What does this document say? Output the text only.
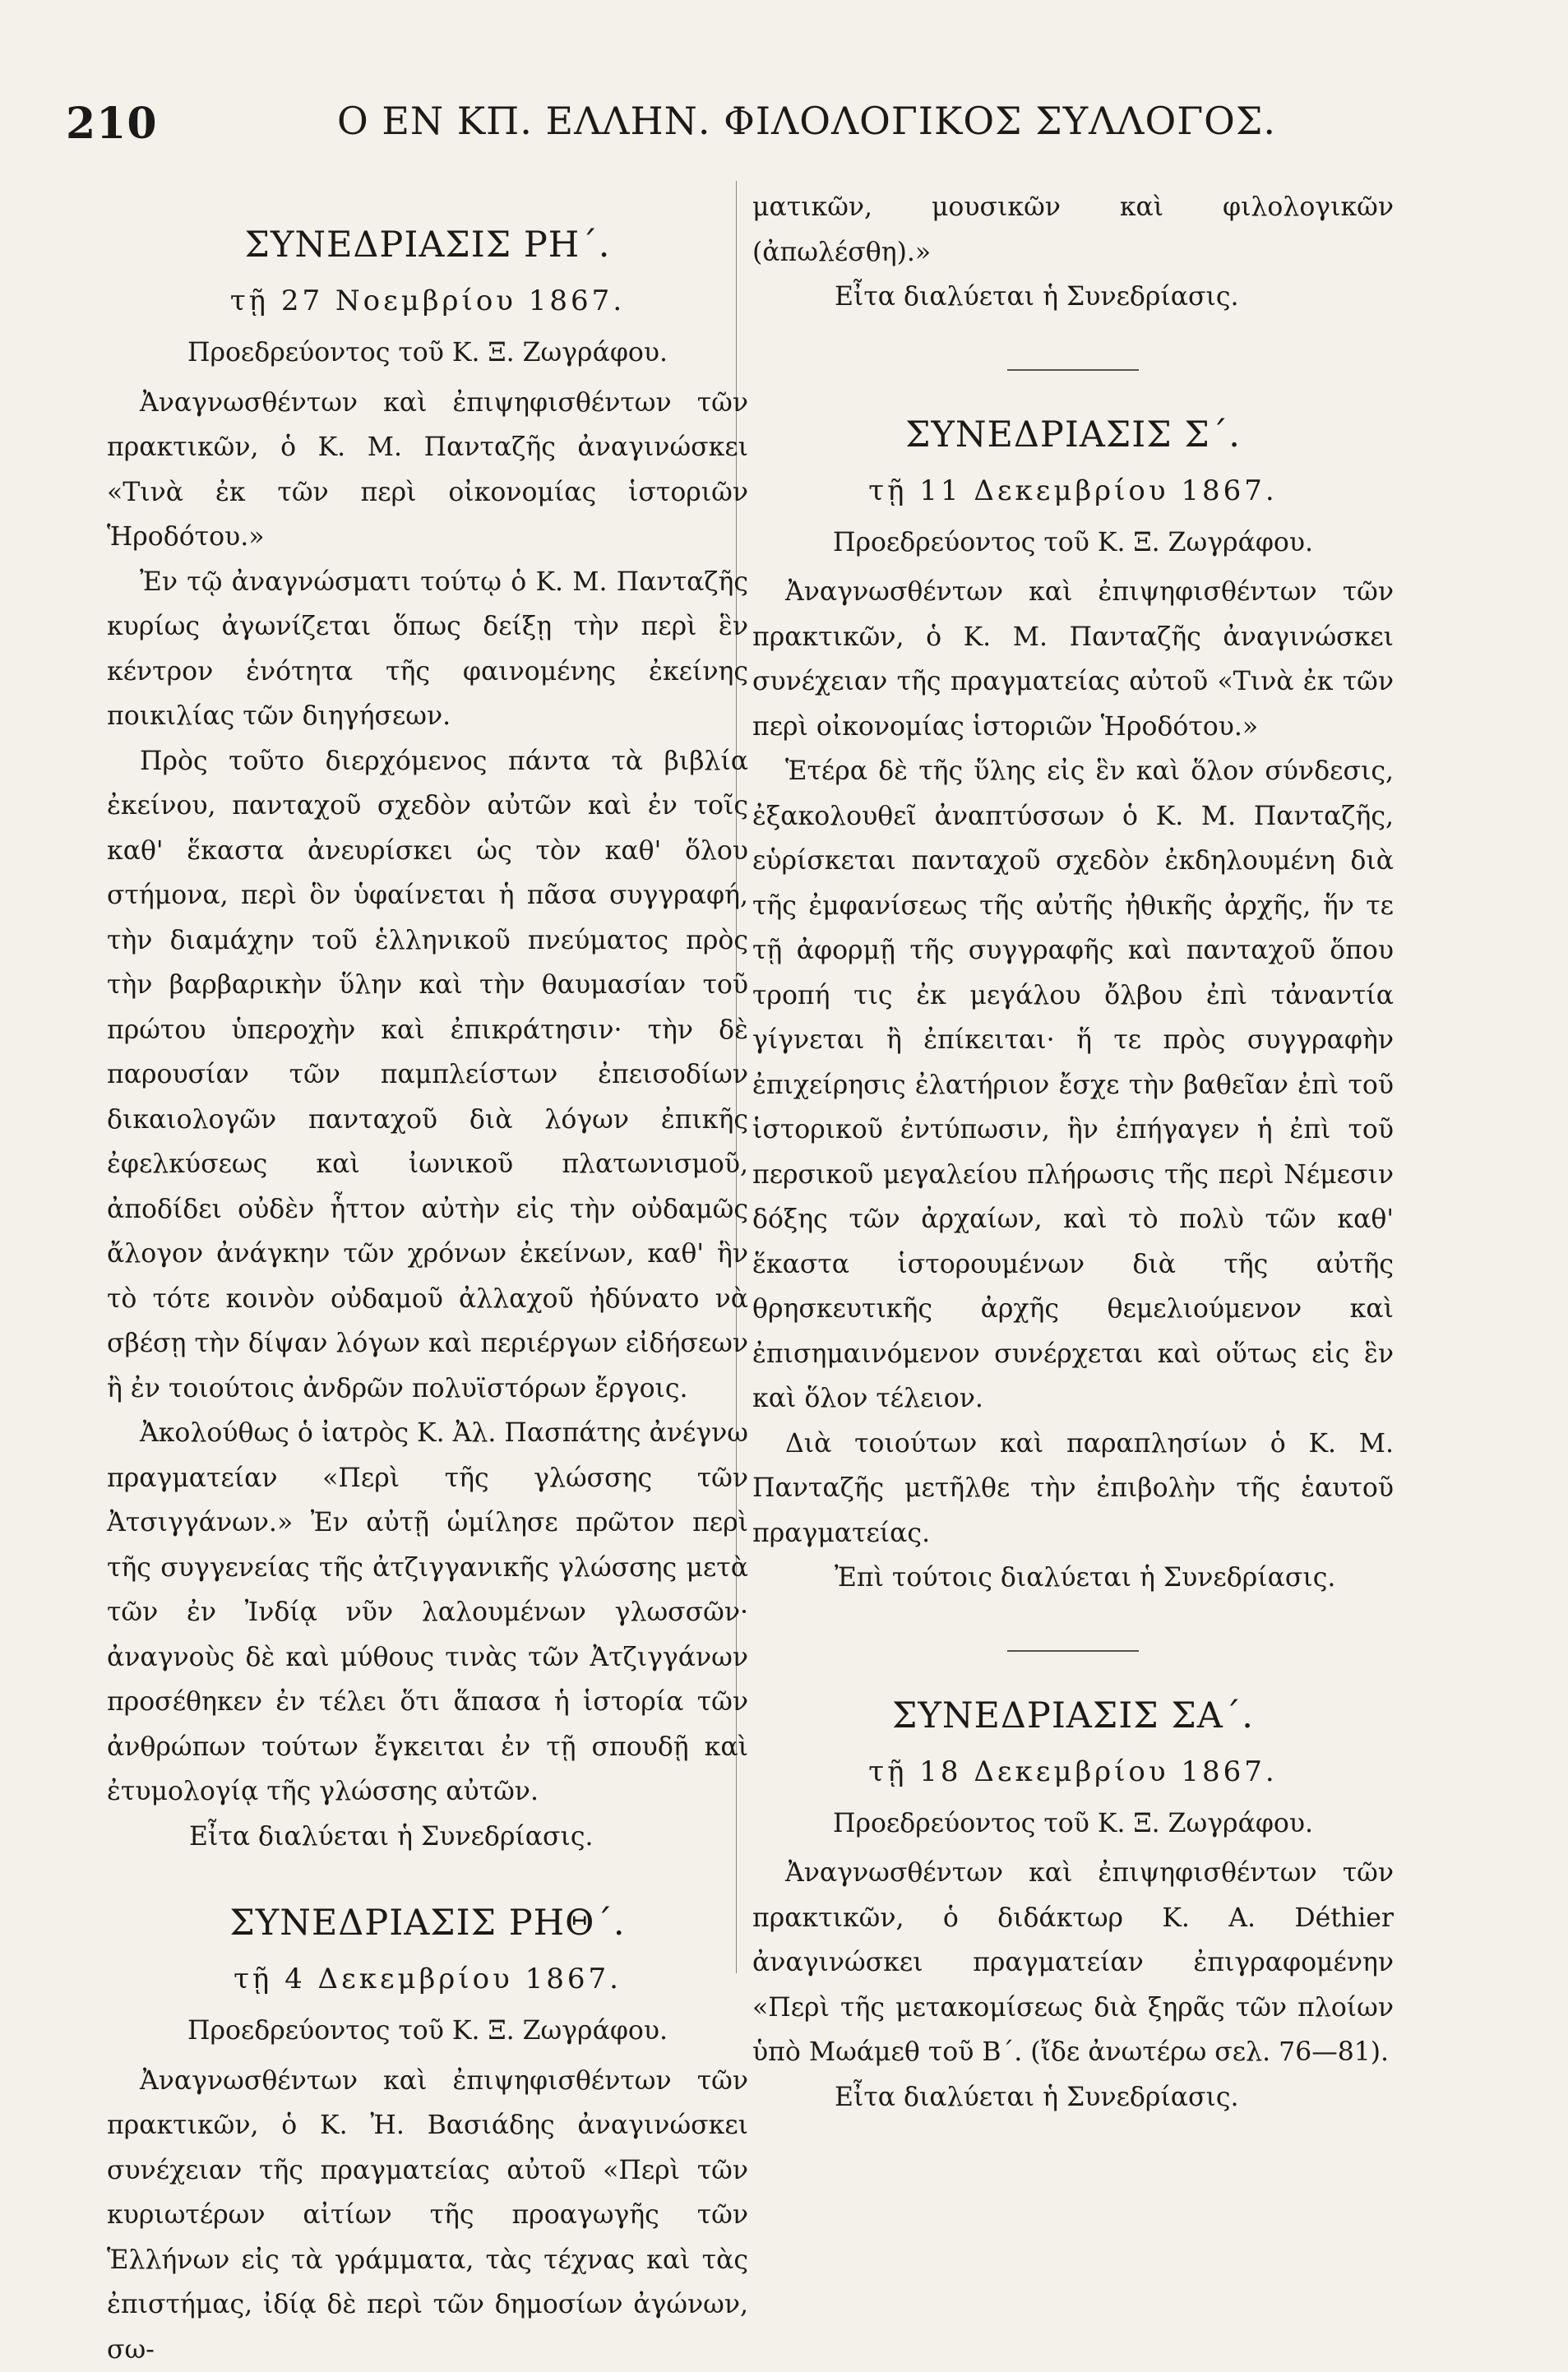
210	Ο ΕΝ ΚΠ. ΕΛΛΗΝ. ΦΙΛΟΛΟΓΙΚΟΣ ΣΥΛΛΟΓΟΣ.
ΣΥΝΕΔΡΙΑΣΙΣ ΡΗ΄.
τῇ 27 Νοεμβρίου 1867.
Προεδρεύοντος τοῦ Κ. Ξ. Ζωγράφου.

Ἀναγνωσθέντων καὶ ἐπιψηφισθέντων τῶν πρακτικῶν, ὁ Κ. Μ. Πανταζῆς ἀναγινώσκει «Τινὰ ἐκ τῶν περὶ οἰκονομίας ἱστοριῶν Ἡροδότου.»

Ἐν τῷ ἀναγνώσματι τούτῳ ὁ Κ. Μ. Πανταζῆς κυρίως ἀγωνίζεται ὅπως δείξῃ τὴν περὶ ἓν κέντρον ἑνότητα τῆς φαινομένης ἐκείνης ποικιλίας τῶν διηγήσεων.

Πρὸς τοῦτο διερχόμενος πάντα τὰ βιβλία ἐκείνου, πανταχοῦ σχεδὸν αὐτῶν καὶ ἐν τοῖς καθ' ἕκαστα ἀνευρίσκει ὡς τὸν καθ' ὅλου στήμονα, περὶ ὃν ὑφαίνεται ἡ πᾶσα συγγραφή, τὴν διαμάχην τοῦ ἑλληνικοῦ πνεύματος πρὸς τὴν βαρβαρικὴν ὕλην καὶ τὴν θαυμασίαν τοῦ πρώτου ὑπεροχὴν καὶ ἐπικράτησιν· τὴν δὲ παρουσίαν τῶν παμπλείστων ἐπεισοδίων δικαιολογῶν πανταχοῦ διὰ λόγων ἐπικῆς ἐφελκύσεως καὶ ἰωνικοῦ πλατωνισμοῦ, ἀποδίδει οὐδὲν ἧττον αὐτὴν εἰς τὴν οὐδαμῶς ἄλογον ἀνάγκην τῶν χρόνων ἐκείνων, καθ' ἣν τὸ τότε κοινὸν οὐδαμοῦ ἀλλαχοῦ ἠδύνατο νὰ σβέσῃ τὴν δίψαν λόγων καὶ περιέργων εἰδήσεων ἢ ἐν τοιούτοις ἀνδρῶν πολυϊστόρων ἔργοις.

Ἀκολούθως ὁ ἰατρὸς Κ. Ἀλ. Πασπάτης ἀνέγνω πραγματείαν «Περὶ τῆς γλώσσης τῶν Ἀτσιγγάνων.» Ἐν αὐτῇ ὡμίλησε πρῶτον περὶ τῆς συγγενείας τῆς ἀτζιγγανικῆς γλώσσης μετὰ τῶν ἐν Ἰνδίᾳ νῦν λαλουμένων γλωσσῶν· ἀναγνοὺς δὲ καὶ μύθους τινὰς τῶν Ἀτζιγγάνων προσέθηκεν ἐν τέλει ὅτι ἅπασα ἡ ἱστορία τῶν ἀνθρώπων τούτων ἔγκειται ἐν τῇ σπουδῇ καὶ ἐτυμολογίᾳ τῆς γλώσσης αὐτῶν.

Εἶτα διαλύεται ἡ Συνεδρίασις.

ΣΥΝΕΔΡΙΑΣΙΣ ΡΗΘ΄.
τῇ 4 Δεκεμβρίου 1867.
Προεδρεύοντος τοῦ Κ. Ξ. Ζωγράφου.

Ἀναγνωσθέντων καὶ ἐπιψηφισθέντων τῶν πρακτικῶν, ὁ Κ. Ἠ. Βασιάδης ἀναγινώσκει συνέχειαν τῆς πραγματείας αὐτοῦ «Περὶ τῶν κυριωτέρων αἰτίων τῆς προαγωγῆς τῶν Ἑλλήνων εἰς τὰ γράμματα, τὰς τέχνας καὶ τὰς ἐπιστήμας, ἰδίᾳ δὲ περὶ τῶν δημοσίων ἀγώνων, σω-

ματικῶν, μουσικῶν καὶ φιλολογικῶν (ἀπωλέσθη).»

Εἶτα διαλύεται ἡ Συνεδρίασις.

ΣΥΝΕΔΡΙΑΣΙΣ Σ΄.
τῇ 11 Δεκεμβρίου 1867.
Προεδρεύοντος τοῦ Κ. Ξ. Ζωγράφου.

Ἀναγνωσθέντων καὶ ἐπιψηφισθέντων τῶν πρακτικῶν, ὁ Κ. Μ. Πανταζῆς ἀναγινώσκει συνέχειαν τῆς πραγματείας αὐτοῦ «Τινὰ ἐκ τῶν περὶ οἰκονομίας ἱστοριῶν Ἡροδότου.»

Ἑτέρα δὲ τῆς ὕλης εἰς ἓν καὶ ὅλον σύνδεσις, ἐξακολουθεῖ ἀναπτύσσων ὁ Κ. Μ. Πανταζῆς, εὑρίσκεται πανταχοῦ σχεδὸν ἐκδηλουμένη διὰ τῆς ἐμφανίσεως τῆς αὐτῆς ἠθικῆς ἀρχῆς, ἥν τε τῇ ἀφορμῇ τῆς συγγραφῆς καὶ πανταχοῦ ὅπου τροπή τις ἐκ μεγάλου ὄλβου ἐπὶ τἀναντία γίγνεται ἢ ἐπίκειται· ἥ τε πρὸς συγγραφὴν ἐπιχείρησις ἐλατήριον ἔσχε τὴν βαθεῖαν ἐπὶ τοῦ ἱστορικοῦ ἐντύπωσιν, ἣν ἐπήγαγεν ἡ ἐπὶ τοῦ περσικοῦ μεγαλείου πλήρωσις τῆς περὶ Νέμεσιν δόξης τῶν ἀρχαίων, καὶ τὸ πολὺ τῶν καθ' ἕκαστα ἱστορουμένων διὰ τῆς αὐτῆς θρησκευτικῆς ἀρχῆς θεμελιούμενον καὶ ἐπισημαινόμενον συνέρχεται καὶ οὕτως εἰς ἓν καὶ ὅλον τέλειον.

Διὰ τοιούτων καὶ παραπλησίων ὁ Κ. Μ. Πανταζῆς μετῆλθε τὴν ἐπιβολὴν τῆς ἑαυτοῦ πραγματείας.

Ἐπὶ τούτοις διαλύεται ἡ Συνεδρίασις.

ΣΥΝΕΔΡΙΑΣΙΣ ΣΑ΄.
τῇ 18 Δεκεμβρίου 1867.
Προεδρεύοντος τοῦ Κ. Ξ. Ζωγράφου.

Ἀναγνωσθέντων καὶ ἐπιψηφισθέντων τῶν πρακτικῶν, ὁ διδάκτωρ Κ. Α. Déthier ἀναγινώσκει πραγματείαν ἐπιγραφομένην «Περὶ τῆς μετακομίσεως διὰ ξηρᾶς τῶν πλοίων ὑπὸ Μωάμεθ τοῦ Β΄. (ἴδε ἀνωτέρω σελ. 76—81).

Εἶτα διαλύεται ἡ Συνεδρίασις.
